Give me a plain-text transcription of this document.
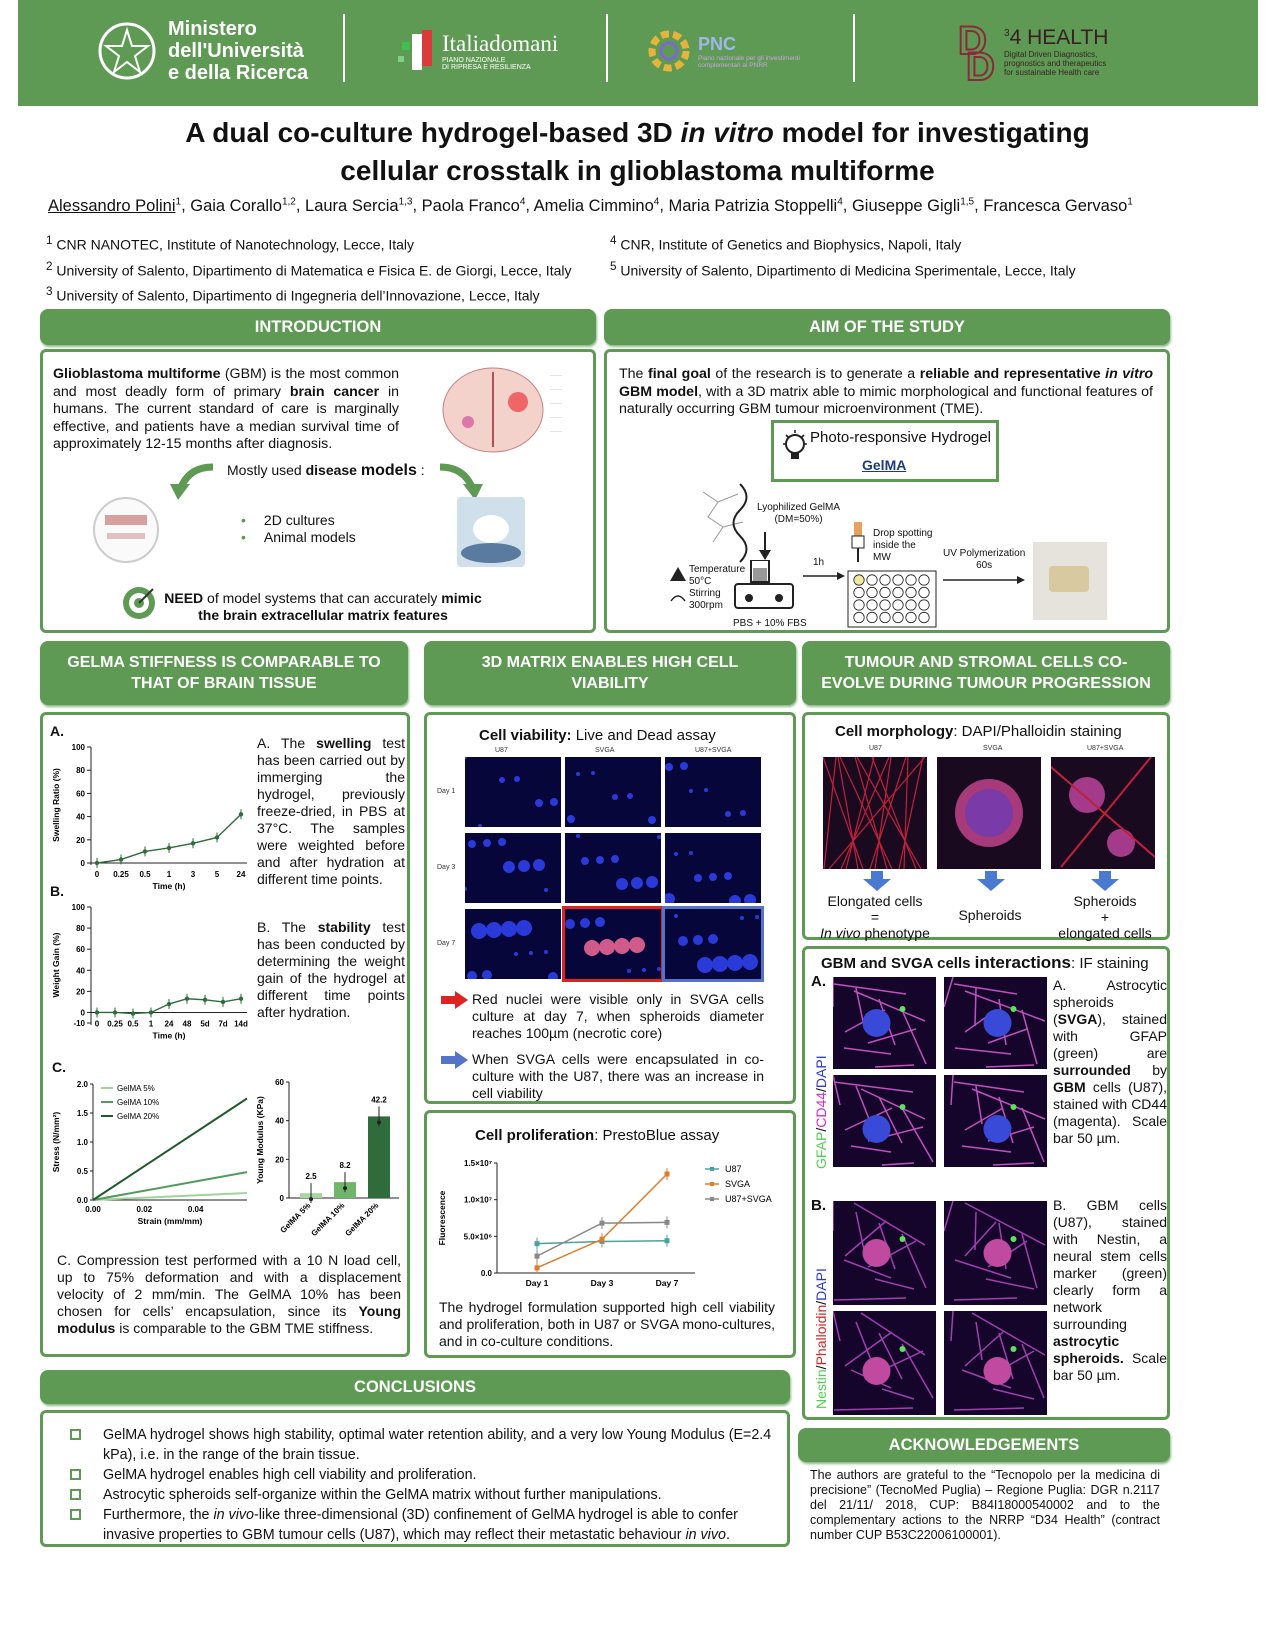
Ministero
dell'Università
e della Ricerca
Italiadomani
PIANO NAZIONALE
DI RIPRESA E RESILIENZA
PNC
Piano nazionale per gli investimenti
complementari al PNRR
D
D
$^3$4 HEALTH
Digital Driven Diagnostics,
prognostics and therapeutics
for sustainable Health care
A dual co-culture hydrogel-based 3D in vitro model for investigating
cellular crosstalk in glioblastoma multiforme
Alessandro Polini$^1$, Gaia Corallo$^{1,2}$, Laura Sercia$^{1,3}$, Paola Franco$^4$, Amelia Cimmino$^4$, Maria Patrizia Stoppelli$^4$, Giuseppe Gigli$^{1,5}$, Francesca Gervaso$^1$
$^1$ CNR NANOTEC, Institute of Nanotechnology, Lecce, Italy
$^2$ University of Salento, Dipartimento di Matematica e Fisica E. de Giorgi, Lecce, Italy
$^3$ University of Salento, Dipartimento di Ingegneria dell’Innovazione, Lecce, Italy
$^4$ CNR, Institute of Genetics and Biophysics, Napoli, Italy
$^5$ University of Salento, Dipartimento di Medicina Sperimentale, Lecce, Italy
INTRODUCTION
Glioblastoma multiforme (GBM) is the most common and most deadly form of primary brain cancer in humans. The current standard of care is marginally effective, and patients have a median survival time of approximately 12-15 months after diagnosis.
———
———
———
———
———
Mostly used disease models :
• 2D cultures
• Animal models
NEED of model systems that can accurately mimic
the brain extracellular matrix features
AIM OF THE STUDY
The final goal of the research is to generate a reliable and representative in vitro GBM model, with a 3D matrix able to mimic morphological and functional features of naturally occurring GBM tumour microenvironment (TME).
Photo-responsive Hydrogel
GelMA
Lyophilized GelMA
(DM=50%)
PBS + 10% FBS
Temperature
50°C
Stirring
300rpm
1h
Drop spotting
inside the
MW	UV Polymerization
60s
GELMA STIFFNESS IS COMPARABLE TO
THAT OF BRAIN TISSUE
A.
0
20
40
60
80
100
0 0.25 0.5 1 3 5 24
Time (h)
Swelling Ratio (%)
A. The swelling test has been carried out by immerging the hydrogel, previously freeze-dried, in PBS at 37°C. The samples were weighted before and after hydration at different time points.
B.
-10
0
20
40
60
80
100
0 0.25 0.5 1 24 48 5d 7d 14d
Time (h)
Weight Gain (%)
B. The stability test has been conducted by determining the weight gain of the hydrogel at different time points after hydration.
C.
0.0
0.5
1.0
1.5
2.0
0.00	0.02	0.04
Strain (mm/mm)
Stress (N/mm²)
GelMA 5%
GelMA 10%
GelMA 20%
0
20
40
60
Young Modulus (KPa)	2.5
GelMA 5%
8.2
GelMA 10%
42.2
GelMA 20%
C. Compression test performed with a 10 N load cell, up to 75% deformation and with a displacement velocity of 2 mm/min. The GelMA 10% has been chosen for cells’ encapsulation, since its Young modulus is comparable to the GBM TME stiffness.
3D MATRIX ENABLES HIGH CELL
VIABILITY
Cell viability: Live and Dead assay
U87	SVGA	U87+SVGA
Day 1
Day 3
Day 7
Red nuclei were visible only in SVGA cells culture at day 7, when spheroids diameter reaches 100µm (necrotic core)
When SVGA cells were encapsulated in co-culture with the U87, there was an increase in cell viability
Cell proliferation: PrestoBlue assay
0.0
5.0×10⁶
1.0×10⁷
1.5×10⁷
Day 1	Day 3	Day 7
Fluorescence
U87
SVGA
U87+SVGA
The hydrogel formulation supported high cell viability and proliferation, both in U87 or SVGA mono-cultures, and in co-culture conditions.
TUMOUR AND STROMAL CELLS CO-
EVOLVE DURING TUMOUR PROGRESSION
Cell morphology: DAPI/Phalloidin staining
U87	SVGA	U87+SVGA
Elongated cells
=
In vivo phenotype
Spheroids
Spheroids
+
elongated cells
GBM and SVGA cells interactions: IF staining
A.
GFAP/CD44/DAPI
A. Astrocytic spheroids (SVGA), stained with GFAP (green) are surrounded by GBM cells (U87), stained with CD44 (magenta). Scale bar 50 µm.
B.
Nestin/Phalloidin/DAPI
B. GBM cells (U87), stained with Nestin, a neural stem cells marker (green) clearly form a network surrounding astrocytic spheroids. Scale bar 50 µm.
CONCLUSIONS
GelMA hydrogel shows high stability, optimal water retention ability, and a very low Young Modulus (E=2.4 kPa), i.e. in the range of the brain tissue.
GelMA hydrogel enables high cell viability and proliferation.
Astrocytic spheroids self-organize within the GelMA matrix without further manipulations.
Furthermore, the in vivo-like three-dimensional (3D) confinement of GelMA hydrogel is able to confer invasive properties to GBM tumour cells (U87), which may reflect their metastatic behaviour in vivo.
ACKNOWLEDGEMENTS
The authors are grateful to the “Tecnopolo per la medicina di precisione” (TecnoMed Puglia) – Regione Puglia: DGR n.2117 del 21/11/ 2018, CUP: B84I18000540002 and to the complementary actions to the NRRP “D34 Health” (contract number CUP B53C22006100001).
